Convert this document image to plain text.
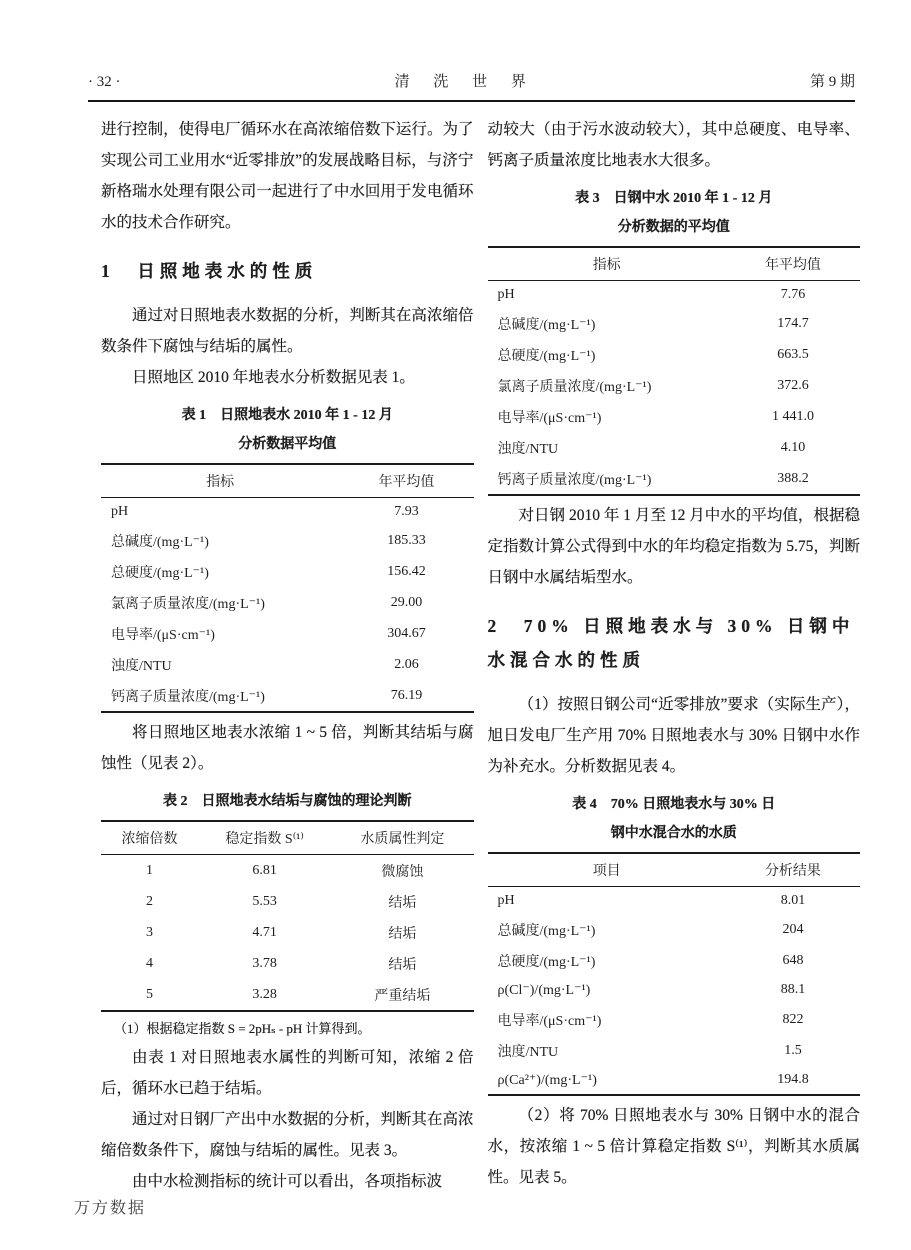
· 32 ·	清 洗 世 界	第 9 期

进行控制，使得电厂循环水在高浓缩倍数下运行。为了实现公司工业用水“近零排放”的发展战略目标，与济宁新格瑞水处理有限公司一起进行了中水回用于发电循环水的技术合作研究。

1　日照地表水的性质

通过对日照地表水数据的分析，判断其在高浓缩倍数条件下腐蚀与结垢的属性。

日照地区 2010 年地表水分析数据见表 1。

表 1　日照地表水 2010 年 1 - 12 月
分析数据平均值
指标	年平均值
pH	7.93
总碱度/(mg·L⁻¹)	185.33
总硬度/(mg·L⁻¹)	156.42
氯离子质量浓度/(mg·L⁻¹)	29.00
电导率/(μS·cm⁻¹)	304.67
浊度/NTU	2.06
钙离子质量浓度/(mg·L⁻¹)	76.19

将日照地区地表水浓缩 1 ~ 5 倍，判断其结垢与腐蚀性（见表 2）。

表 2　日照地表水结垢与腐蚀的理论判断
浓缩倍数	稳定指数 S⁽¹⁾	水质属性判定
1	6.81	微腐蚀
2	5.53	结垢
3	4.71	结垢
4	3.78	结垢
5	3.28	严重结垢

（1）根据稳定指数 S = 2pHₛ - pH 计算得到。

由表 1 对日照地表水属性的判断可知，浓缩 2 倍后，循环水已趋于结垢。

通过对日钢厂产出中水数据的分析，判断其在高浓缩倍数条件下，腐蚀与结垢的属性。见表 3。

由中水检测指标的统计可以看出，各项指标波

动较大（由于污水波动较大），其中总硬度、电导率、钙离子质量浓度比地表水大很多。

表 3　日钢中水 2010 年 1 - 12 月
分析数据的平均值
指标	年平均值
pH	7.76
总碱度/(mg·L⁻¹)	174.7
总硬度/(mg·L⁻¹)	663.5
氯离子质量浓度/(mg·L⁻¹)	372.6
电导率/(μS·cm⁻¹)	1 441.0
浊度/NTU	4.10
钙离子质量浓度/(mg·L⁻¹)	388.2

对日钢 2010 年 1 月至 12 月中水的平均值，根据稳定指数计算公式得到中水的年均稳定指数为 5.75，判断日钢中水属结垢型水。

2　70% 日照地表水与 30% 日钢中水混合水的性质

（1）按照日钢公司“近零排放”要求（实际生产），旭日发电厂生产用 70% 日照地表水与 30% 日钢中水作为补充水。分析数据见表 4。

表 4　70% 日照地表水与 30% 日
钢中水混合水的水质
项目	分析结果
pH	8.01
总碱度/(mg·L⁻¹)	204
总硬度/(mg·L⁻¹)	648
ρ(Cl⁻)/(mg·L⁻¹)	88.1
电导率/(μS·cm⁻¹)	822
浊度/NTU	1.5
ρ(Ca²⁺)/(mg·L⁻¹)	194.8

（2）将 70% 日照地表水与 30% 日钢中水的混合水，按浓缩 1 ~ 5 倍计算稳定指数 S⁽¹⁾，判断其水质属性。见表 5。

万方数据
